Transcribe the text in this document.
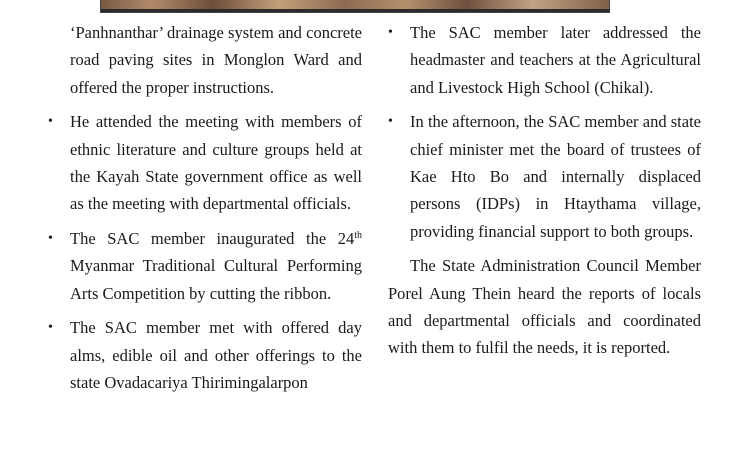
‘Panhnanthar’ drainage system and concrete road paving sites in Monglon Ward and offered the proper instructions.

• He attended the meeting with members of ethnic literature and culture groups held at the Kayah State government office as well as the meeting with departmental officials.

• The SAC member inaugurated the 24th Myanmar Traditional Cultural Performing Arts Competition by cutting the ribbon.

• The SAC member met with offered day alms, edible oil and other offerings to the state Ovadacariya Thirimingalarpon

• The SAC member later addressed the headmaster and teachers at the Agricultural and Livestock High School (Chikal).

• In the afternoon, the SAC member and state chief minister met the board of trustees of Kae Hto Bo and internally displaced persons (IDPs) in Htaythama village, providing financial support to both groups.

The State Administration Council Member Porel Aung Thein heard the reports of locals and departmental officials and coordinated with them to fulfil the needs, it is reported.
